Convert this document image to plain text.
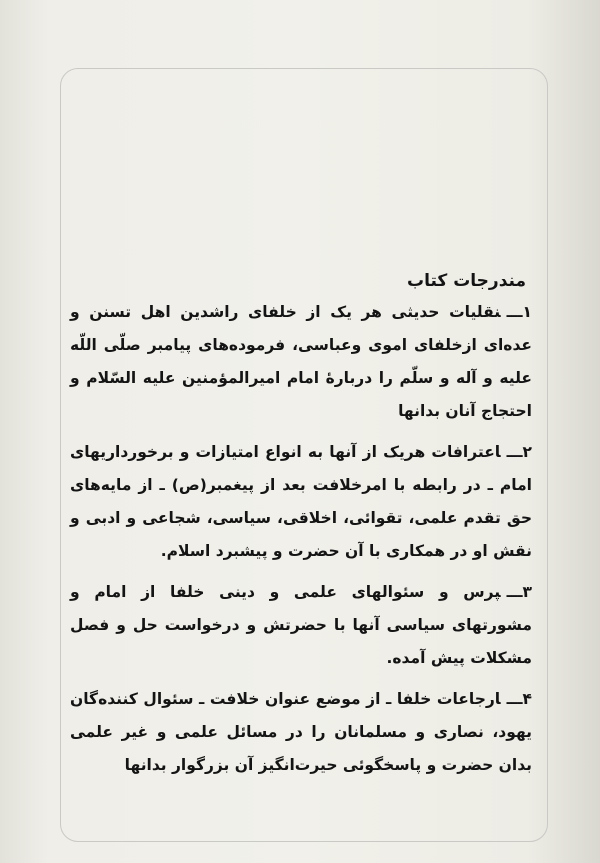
مندرجات کتاب

۱ـــنقلیات حدیثی هر یک از خلفای راشدین اهل تسنن و عده‌ای ازخلفای اموی وعباسی، فرموده‌های پیامبر صلّی اللّه علیه و آله و سلّم را دربارهٔ امام امیرالمؤمنین علیه السّلام و احتجاج آنان بدانها

۲ـــاعترافات هریک از آنها به انواع امتیازات و برخورداریهای امام ـ در رابطه با امرخلافت بعد از پیغمبر(ص) ـ از مایه‌های حق تقدم علمی، تقوائی، اخلاقی، سیاسی، شجاعی و ادبی و نقش او در همکاری با آن حضرت و پیشبرد اسلام.

۳ـــپرس و سئوالهای علمی و دینی خلفا از امام و مشورتهای سیاسی آنها با حضرتش و درخواست حل و فصل مشکلات پیش آمده.

۴ـــارجاعات خلفا ـ از موضع عنوان خلافت ـ سئوال کننده‌گان یهود، نصاری و مسلمانان را در مسائل علمی و غیر علمی بدان حضرت و پاسخگوئی حیرت‌انگیز آن بزرگوار بدانها
